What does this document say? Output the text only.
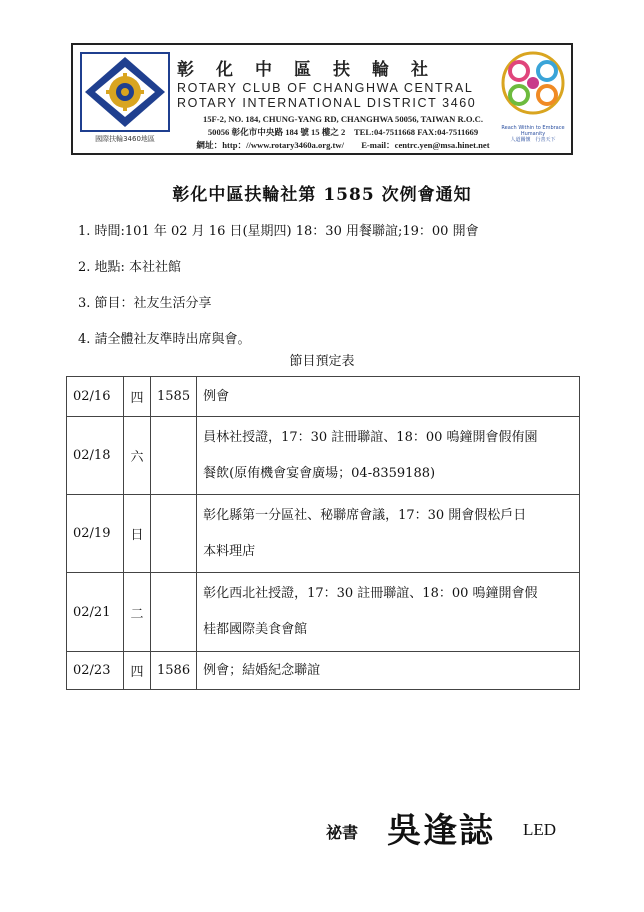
國際扶輪3460地區
彰化中區扶輪社
ROTARY CLUB OF CHANGHWA CENTRAL
ROTARY INTERNATIONAL DISTRICT 3460
Reach Within to Embrace Humanity
人道關懷　行善天下
15F-2, NO. 184, CHUNG-YANG RD, CHANGHWA 50056, TAIWAN R.O.C.
50056 彰化市中央路 184 號 15 樓之 2　TEL:04-7511668 FAX:04-7511669
網址：http：//www.rotary3460a.org.tw/　　E-mail：centrc.yen@msa.hinet.net
彰化中區扶輪社第 1585 次例會通知
1. 時間:101 年 02 月 16 日(星期四) 18：30 用餐聯誼;19：00 開會
2. 地點: 本社社館
3. 節目：社友生活分享
4. 請全體社友準時出席與會。
節目預定表
02/16	四	1585	例會

02/18	六		員林社授證，17：30 註冊聯誼、18：00 鳴鐘開會假侑園
餐飲(原侑機會宴會廣場；04-8359188)

02/19	日		彰化縣第一分區社、秘聯席會議，17：30 開會假松戶日
本料理店

02/21	二		彰化西北社授證，17：30 註冊聯誼、18：00 鳴鐘開會假
桂都國際美食會館

02/23	四	1586	例會；結婚紀念聯誼
祕書 吳逢誌 LED
